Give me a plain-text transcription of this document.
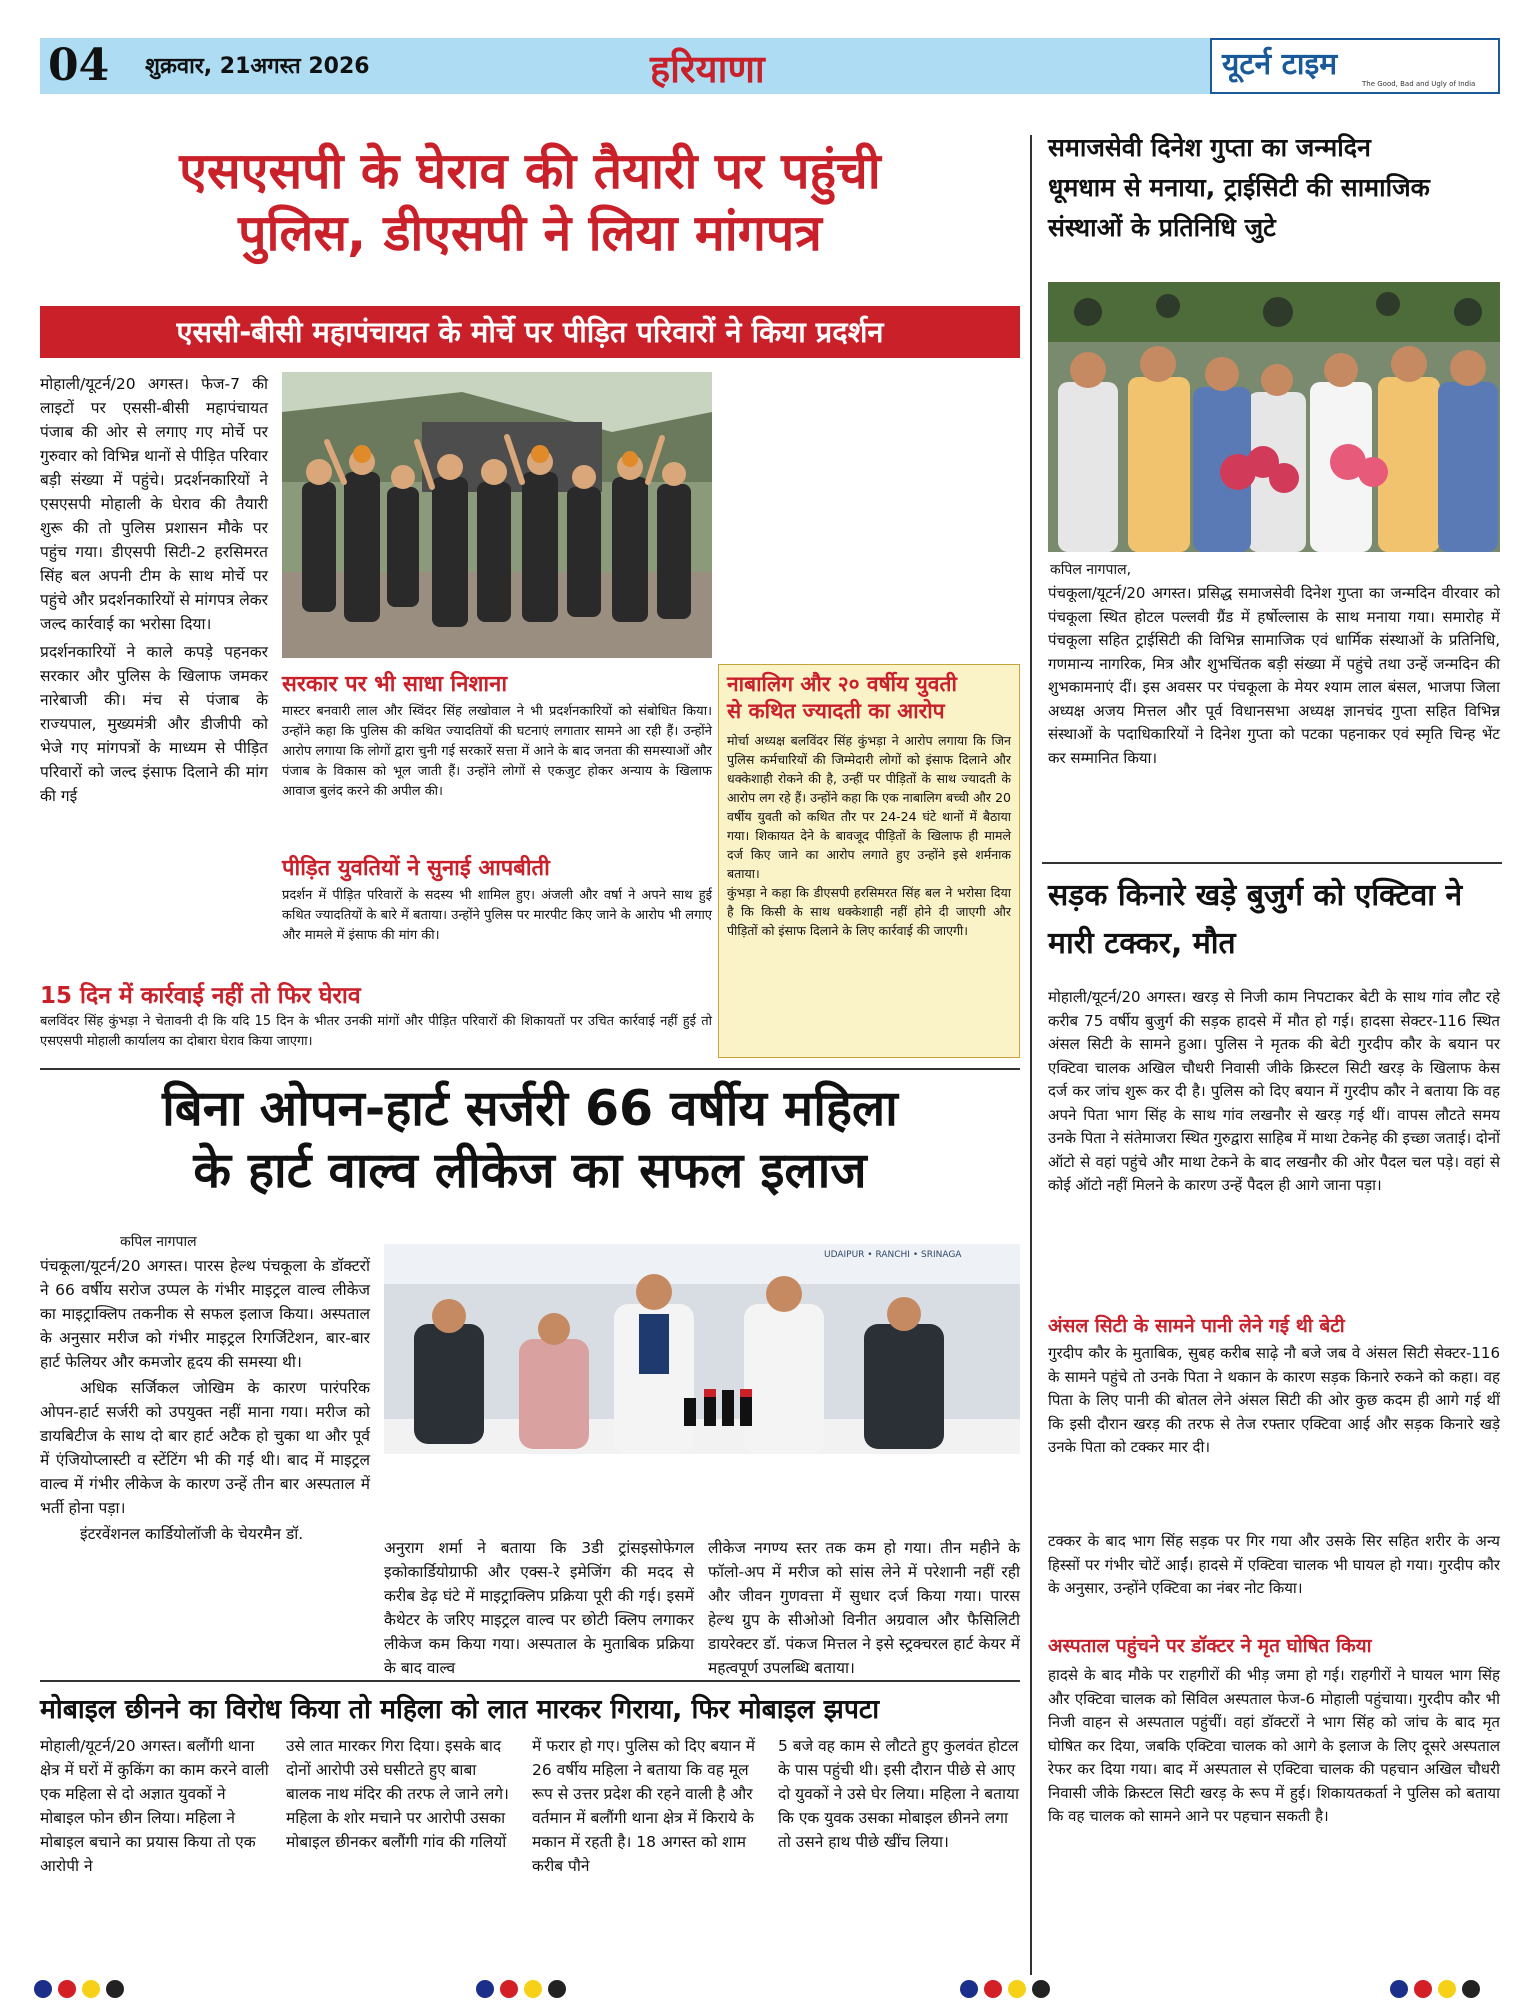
04 शुक्रवार, 21अगस्त 2026	हरियाणा	यूटर्न टाइम
The Good, Bad and Ugly of India
एसएसपी के घेराव की तैयारी पर पहुंची
पुलिस, डीएसपी ने लिया मांगपत्र
एससी-बीसी महापंचायत के मोर्चे पर पीड़ित परिवारों ने किया प्रदर्शन

मोहाली/यूटर्न/20 अगस्त। फेज-7 की लाइटों पर एससी-बीसी महापंचायत पंजाब की ओर से लगाए गए मोर्चे पर गुरुवार को विभिन्न थानों से पीड़ित परिवार बड़ी संख्या में पहुंचे। प्रदर्शनकारियों ने एसएसपी मोहाली के घेराव की तैयारी शुरू की तो पुलिस प्रशासन मौके पर पहुंच गया। डीएसपी सिटी-2 हरसिमरत सिंह बल अपनी टीम के साथ मोर्चे पर पहुंचे और प्रदर्शनकारियों से मांगपत्र लेकर जल्द कार्रवाई का भरोसा दिया।

प्रदर्शनकारियों ने काले कपड़े पहनकर सरकार और पुलिस के खिलाफ जमकर नारेबाजी की। मंच से पंजाब के राज्यपाल, मुख्यमंत्री और डीजीपी को भेजे गए मांगपत्रों के माध्यम से पीड़ित परिवारों को जल्द इंसाफ दिलाने की मांग की गई

सरकार पर भी साधा निशाना
मास्टर बनवारी लाल और स्विंदर सिंह लखोवाल ने भी प्रदर्शनकारियों को संबोधित किया। उन्होंने कहा कि पुलिस की कथित ज्यादतियों की घटनाएं लगातार सामने आ रही हैं। उन्होंने आरोप लगाया कि लोगों द्वारा चुनी गई सरकारें सत्ता में आने के बाद जनता की समस्याओं और पंजाब के विकास को भूल जाती हैं। उन्होंने लोगों से एकजुट होकर अन्याय के खिलाफ आवाज बुलंद करने की अपील की।
पीड़ित युवतियों ने सुनाई आपबीती
प्रदर्शन में पीड़ित परिवारों के सदस्य भी शामिल हुए। अंजली और वर्षा ने अपने साथ हुई कथित ज्यादतियों के बारे में बताया। उन्होंने पुलिस पर मारपीट किए जाने के आरोप भी लगाए और मामले में इंसाफ की मांग की।
15 दिन में कार्रवाई नहीं तो फिर घेराव
बलविंदर सिंह कुंभड़ा ने चेतावनी दी कि यदि 15 दिन के भीतर उनकी मांगों और पीड़ित परिवारों की शिकायतों पर उचित कार्रवाई नहीं हुई तो एसएसपी मोहाली कार्यालय का दोबारा घेराव किया जाएगा।
नाबालिग और २० वर्षीय युवती
से कथित ज्यादती का आरोप
मोर्चा अध्यक्ष बलविंदर सिंह कुंभड़ा ने आरोप लगाया कि जिन पुलिस कर्मचारियों की जिम्मेदारी लोगों को इंसाफ दिलाने और धक्केशाही रोकने की है, उन्हीं पर पीड़ितों के साथ ज्यादती के आरोप लग रहे हैं। उन्होंने कहा कि एक नाबालिग बच्ची और 20 वर्षीय युवती को कथित तौर पर 24-24 घंटे थानों में बैठाया गया। शिकायत देने के बावजूद पीड़ितों के खिलाफ ही मामले दर्ज किए जाने का आरोप लगाते हुए उन्होंने इसे शर्मनाक बताया।
कुंभड़ा ने कहा कि डीएसपी हरसिमरत सिंह बल ने भरोसा दिया है कि किसी के साथ धक्केशाही नहीं होने दी जाएगी और पीड़ितों को इंसाफ दिलाने के लिए कार्रवाई की जाएगी।
बिना ओपन-हार्ट सर्जरी 66 वर्षीय महिला
के हार्ट वाल्व लीकेज का सफल इलाज
कपिल नागपाल

पंचकूला/यूटर्न/20 अगस्त। पारस हेल्थ पंचकूला के डॉक्टरों ने 66 वर्षीय सरोज उप्पल के गंभीर माइट्रल वाल्व लीकेज का माइट्राक्लिप तकनीक से सफल इलाज किया। अस्पताल के अनुसार मरीज को गंभीर माइट्रल रिगर्जिटेशन, बार-बार हार्ट फेलियर और कमजोर हृदय की समस्या थी।

अधिक सर्जिकल जोखिम के कारण पारंपरिक ओपन-हार्ट सर्जरी को उपयुक्त नहीं माना गया। मरीज को डायबिटीज के साथ दो बार हार्ट अटैक हो चुका था और पूर्व में एंजियोप्लास्टी व स्टेंटिंग भी की गई थी। बाद में माइट्रल वाल्व में गंभीर लीकेज के कारण उन्हें तीन बार अस्पताल में भर्ती होना पड़ा।

इंटरवेंशनल कार्डियोलॉजी के चेयरमैन डॉ.

UDAIPUR • RANCHI • SRINAGA
अनुराग शर्मा ने बताया कि 3डी ट्रांसइसोफेगल इकोकार्डियोग्राफी और एक्स-रे इमेजिंग की मदद से करीब डेढ़ घंटे में माइट्राक्लिप प्रक्रिया पूरी की गई। इसमें कैथेटर के जरिए माइट्रल वाल्व पर छोटी क्लिप लगाकर लीकेज कम किया गया। अस्पताल के मुताबिक प्रक्रिया के बाद वाल्व
लीकेज नगण्य स्तर तक कम हो गया। तीन महीने के फॉलो-अप में मरीज को सांस लेने में परेशानी नहीं रही और जीवन गुणवत्ता में सुधार दर्ज किया गया। पारस हेल्थ ग्रुप के सीओओ विनीत अग्रवाल और फैसिलिटी डायरेक्टर डॉ. पंकज मित्तल ने इसे स्ट्रक्चरल हार्ट केयर में महत्वपूर्ण उपलब्धि बताया।
मोबाइल छीनने का विरोध किया तो महिला को लात मारकर गिराया, फिर मोबाइल झपटा
मोहाली/यूटर्न/20 अगस्त। बलौंगी थाना क्षेत्र में घरों में कुकिंग का काम करने वाली एक महिला से दो अज्ञात युवकों ने मोबाइल फोन छीन लिया। महिला ने मोबाइल बचाने का प्रयास किया तो एक आरोपी ने
उसे लात मारकर गिरा दिया। इसके बाद दोनों आरोपी उसे घसीटते हुए बाबा बालक नाथ मंदिर की तरफ ले जाने लगे। महिला के शोर मचाने पर आरोपी उसका मोबाइल छीनकर बलौंगी गांव की गलियों
में फरार हो गए। पुलिस को दिए बयान में 26 वर्षीय महिला ने बताया कि वह मूल रूप से उत्तर प्रदेश की रहने वाली है और वर्तमान में बलौंगी थाना क्षेत्र में किराये के मकान में रहती है। 18 अगस्त को शाम करीब पौने
5 बजे वह काम से लौटते हुए कुलवंत होटल के पास पहुंची थी। इसी दौरान पीछे से आए दो युवकों ने उसे घेर लिया। महिला ने बताया कि एक युवक उसका मोबाइल छीनने लगा तो उसने हाथ पीछे खींच लिया।
समाजसेवी दिनेश गुप्ता का जन्मदिन
धूमधाम से मनाया, ट्राईसिटी की सामाजिक
संस्थाओं के प्रतिनिधि जुटे
कपिल नागपाल,
पंचकूला/यूटर्न/20 अगस्त। प्रसिद्ध समाजसेवी दिनेश गुप्ता का जन्मदिन वीरवार को पंचकूला स्थित होटल पल्लवी ग्रैंड में हर्षोल्लास के साथ मनाया गया। समारोह में पंचकूला सहित ट्राईसिटी की विभिन्न सामाजिक एवं धार्मिक संस्थाओं के प्रतिनिधि, गणमान्य नागरिक, मित्र और शुभचिंतक बड़ी संख्या में पहुंचे तथा उन्हें जन्मदिन की शुभकामनाएं दीं। इस अवसर पर पंचकूला के मेयर श्याम लाल बंसल, भाजपा जिला अध्यक्ष अजय मित्तल और पूर्व विधानसभा अध्यक्ष ज्ञानचंद गुप्ता सहित विभिन्न संस्थाओं के पदाधिकारियों ने दिनेश गुप्ता को पटका पहनाकर एवं स्मृति चिन्ह भेंट कर सम्मानित किया।
सड़क किनारे खड़े बुजुर्ग को एक्टिवा ने
मारी टक्कर, मौत
मोहाली/यूटर्न/20 अगस्त। खरड़ से निजी काम निपटाकर बेटी के साथ गांव लौट रहे करीब 75 वर्षीय बुजुर्ग की सड़क हादसे में मौत हो गई। हादसा सेक्टर-116 स्थित अंसल सिटी के सामने हुआ। पुलिस ने मृतक की बेटी गुरदीप कौर के बयान पर एक्टिवा चालक अखिल चौधरी निवासी जीके क्रिस्टल सिटी खरड़ के खिलाफ केस दर्ज कर जांच शुरू कर दी है। पुलिस को दिए बयान में गुरदीप कौर ने बताया कि वह अपने पिता भाग सिंह के साथ गांव लखनौर से खरड़ गई थीं। वापस लौटते समय उनके पिता ने संतेमाजरा स्थित गुरुद्वारा साहिब में माथा टेकनेह की इच्छा जताई। दोनों ऑटो से वहां पहुंचे और माथा टेकने के बाद लखनौर की ओर पैदल चल पड़े। वहां से कोई ऑटो नहीं मिलने के कारण उन्हें पैदल ही आगे जाना पड़ा।
अंसल सिटी के सामने पानी लेने गई थी बेटी
गुरदीप कौर के मुताबिक, सुबह करीब साढ़े नौ बजे जब वे अंसल सिटी सेक्टर-116 के सामने पहुंचे तो उनके पिता ने थकान के कारण सड़क किनारे रुकने को कहा। वह पिता के लिए पानी की बोतल लेने अंसल सिटी की ओर कुछ कदम ही आगे गई थीं कि इसी दौरान खरड़ की तरफ से तेज रफ्तार एक्टिवा आई और सड़क किनारे खड़े उनके पिता को टक्कर मार दी।
टक्कर के बाद भाग सिंह सड़क पर गिर गया और उसके सिर सहित शरीर के अन्य हिस्सों पर गंभीर चोटें आईं। हादसे में एक्टिवा चालक भी घायल हो गया। गुरदीप कौर के अनुसार, उन्होंने एक्टिवा का नंबर नोट किया।
अस्पताल पहुंचने पर डॉक्टर ने मृत घोषित किया
हादसे के बाद मौके पर राहगीरों की भीड़ जमा हो गई। राहगीरों ने घायल भाग सिंह और एक्टिवा चालक को सिविल अस्पताल फेज-6 मोहाली पहुंचाया। गुरदीप कौर भी निजी वाहन से अस्पताल पहुंचीं। वहां डॉक्टरों ने भाग सिंह को जांच के बाद मृत घोषित कर दिया, जबकि एक्टिवा चालक को आगे के इलाज के लिए दूसरे अस्पताल रेफर कर दिया गया। बाद में अस्पताल से एक्टिवा चालक की पहचान अखिल चौधरी निवासी जीके क्रिस्टल सिटी खरड़ के रूप में हुई। शिकायतकर्ता ने पुलिस को बताया कि वह चालक को सामने आने पर पहचान सकती है।
